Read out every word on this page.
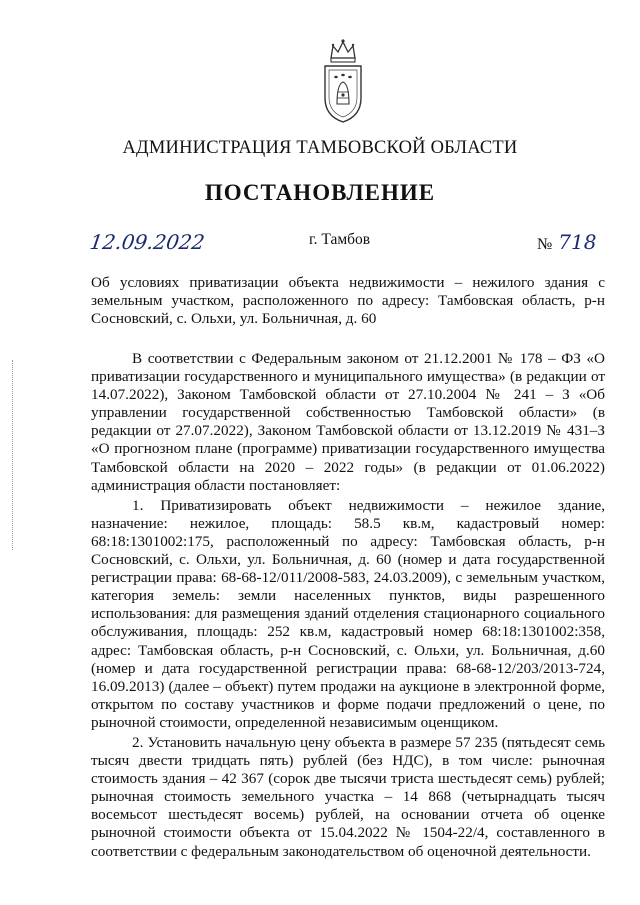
АДМИНИСТРАЦИЯ ТАМБОВСКОЙ ОБЛАСТИ
ПОСТАНОВЛЕНИЕ
12.09.2022	г. Тамбов	№ 718
Об условиях приватизации объекта недвижимости – нежилого здания с земельным участком, расположенного по адресу: Тамбовская область, р-н Сосновский, с. Ольхи, ул. Больничная, д. 60

В соответствии с Федеральным законом от 21.12.2001 № 178 – ФЗ «О приватизации государственного и муниципального имущества» (в редакции от 14.07.2022), Законом Тамбовской области от 27.10.2004 № 241 – З «Об управлении государственной собственностью Тамбовской области» (в редакции от 27.07.2022), Законом Тамбовской области от 13.12.2019 № 431–З «О прогнозном плане (программе) приватизации государственного имущества Тамбовской области на 2020 – 2022 годы» (в редакции от 01.06.2022) администрация области постановляет:

1. Приватизировать объект недвижимости – нежилое здание, назначение: нежилое, площадь: 58.5 кв.м, кадастровый номер: 68:18:1301002:175, расположенный по адресу: Тамбовская область, р-н Сосновский, с. Ольхи, ул. Больничная, д. 60 (номер и дата государственной регистрации права: 68-68-12/011/2008-583, 24.03.2009), с земельным участком, категория земель: земли населенных пунктов, виды разрешенного использования: для размещения зданий отделения стационарного социального обслуживания, площадь: 252 кв.м, кадастровый номер 68:18:1301002:358, адрес: Тамбовская область, р-н Сосновский, с. Ольхи, ул. Больничная, д.60 (номер и дата государственной регистрации права: 68-68-12/203/2013-724, 16.09.2013) (далее – объект) путем продажи на аукционе в электронной форме, открытом по составу участников и форме подачи предложений о цене, по рыночной стоимости, определенной независимым оценщиком.

2. Установить начальную цену объекта в размере 57 235 (пятьдесят семь тысяч двести тридцать пять) рублей (без НДС), в том числе: рыночная стоимость здания – 42 367 (сорок две тысячи триста шестьдесят семь) рублей; рыночная стоимость земельного участка – 14 868 (четырнадцать тысяч восемьсот шестьдесят восемь) рублей, на основании отчета об оценке рыночной стоимости объекта от 15.04.2022 № 1504-22/4, составленного в соответствии с федеральным законодательством об оценочной деятельности.
